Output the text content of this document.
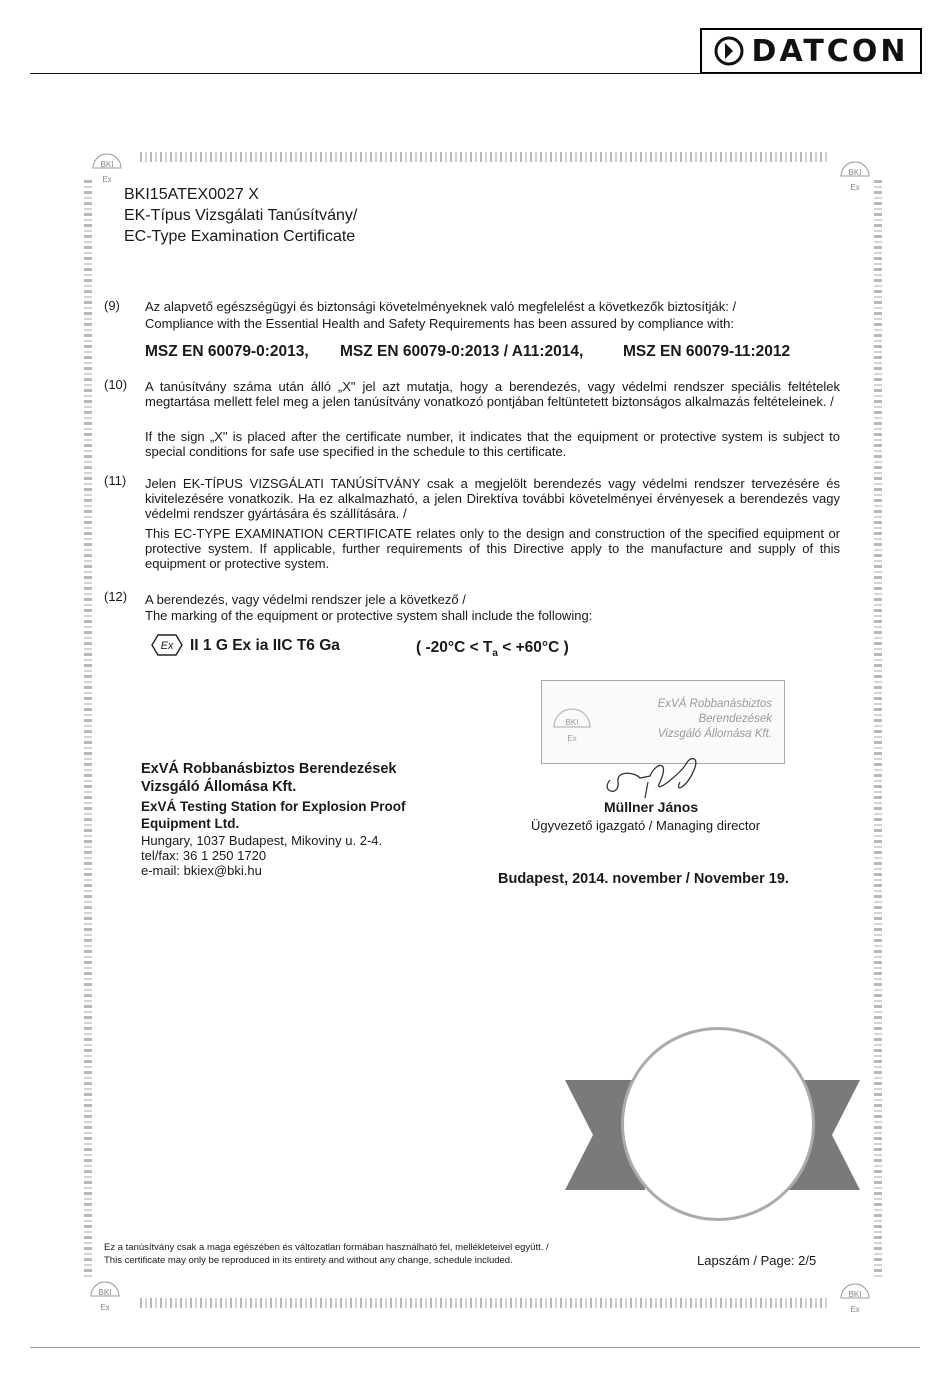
DATCON
BKI
Ex
BKI
Ex
BKI
Ex
BKI
Ex
BKI15ATEX0027 X
EK-Típus Vizsgálati Tanúsítvány/
EC-Type Examination Certificate
(9) Az alapvető egészségügyi és biztonsági követelményeknek való megfelelést a következők biztosítják: /
Compliance with the Essential Health and Safety Requirements has been assured by compliance with:
MSZ EN 60079-0:2013, MSZ EN 60079-0:2013 / A11:2014,	MSZ EN 60079-11:2012
(10) A tanúsítvány száma után álló „X" jel azt mutatja, hogy a berendezés, vagy védelmi rendszer speciális feltételek megtartása mellett felel meg a jelen tanúsítvány vonatkozó pontjában feltüntetett biztonságos alkalmazás feltételeinek. /
If the sign „X" is placed after the certificate number, it indicates that the equipment or protective system is subject to special conditions for safe use specified in the schedule to this certificate.
(11) Jelen EK-TÍPUS VIZSGÁLATI TANÚSÍTVÁNY csak a megjelölt berendezés vagy védelmi rendszer tervezésére és kivitelezésére vonatkozik. Ha ez alkalmazható, a jelen Direktíva további követelményei érvényesek a berendezés vagy védelmi rendszer gyártására és szállítására. /
This EC-TYPE EXAMINATION CERTIFICATE relates only to the design and construction of the specified equipment or protective system. If applicable, further requirements of this Directive apply to the manufacture and supply of this equipment or protective system.
(12) A berendezés, vagy védelmi rendszer jele a következő /
The marking of the equipment or protective system shall include the following:
Ex II 1 G Ex ia IIC T6 Ga	( $-20^\circ C < T_a < +60^\circ C$ )
BKI
Ex
ExVÁ Robbanásbiztos
Berendezések
Vizsgáló Állomása Kft.
ExVÁ Robbanásbiztos Berendezések
Vizsgáló Állomása Kft.
ExVÁ Testing Station for Explosion Proof
Equipment Ltd.
Hungary, 1037 Budapest, Mikoviny u. 2-4.
tel/fax: 36 1 250 1720
e-mail: bkiex@bki.hu
Müllner János
Ügyvezető igazgató / Managing director
Budapest, 2014. november / November 19.
Ez a tanúsítvány csak a maga egészében és változatlan formában használható fel, mellékleteivel együtt. /
This certificate may only be reproduced in its entirety and without any change, schedule included.	Lapszám / Page: 2/5
